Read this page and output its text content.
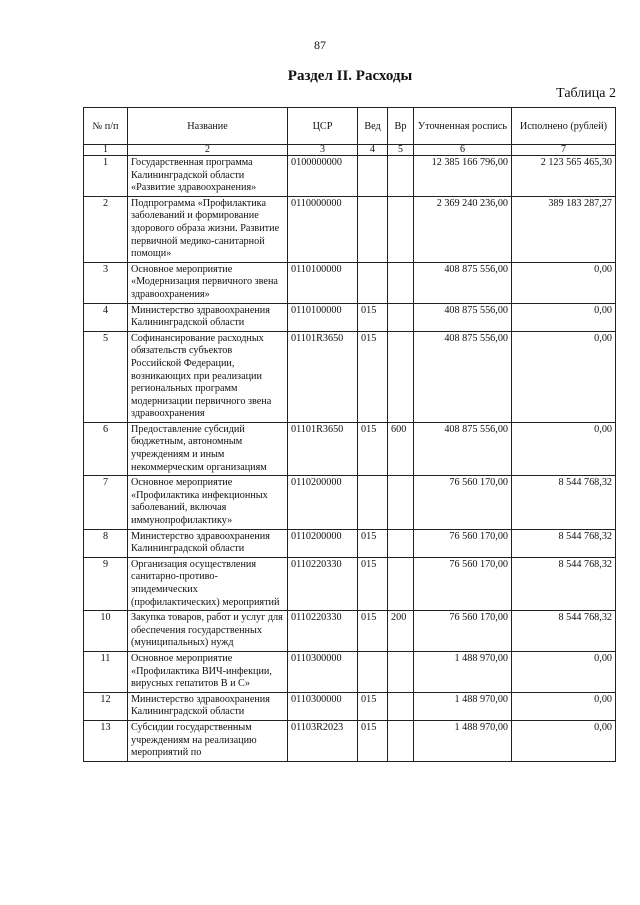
87
Раздел II. Расходы
Таблица 2
№ п/п	Название	ЦСР	Вед	Вр	Уточненная роспись	Исполнено (рублей)
1	2	3	4	5	6	7
1	Государственная программа Калининградской области «Развитие здравоохранения»	0100000000			12 385 166 796,00	2 123 565 465,30
2	Подпрограмма «Профилактика заболеваний и формирование здорового образа жизни. Развитие первичной медико-санитарной помощи»	0110000000			2 369 240 236,00	389 183 287,27
3	Основное мероприятие «Модернизация первичного звена здравоохранения»	0110100000			408 875 556,00	0,00
4	Министерство здравоохранения Калининградской области	0110100000	015		408 875 556,00	0,00
5	Софинансирование расходных обязательств субъектов Российской Федерации, возникающих при реализации региональных программ модернизации первичного звена здравоохранения	01101R3650	015		408 875 556,00	0,00
6	Предоставление субсидий бюджетным, автономным учреждениям и иным некоммерческим организациям	01101R3650	015	600	408 875 556,00	0,00
7	Основное мероприятие «Профилактика инфекционных заболеваний, включая иммунопрофилактику»	0110200000			76 560 170,00	8 544 768,32
8	Министерство здравоохранения Калининградской области	0110200000	015		76 560 170,00	8 544 768,32
9	Организация осуществления санитарно-противо-эпидемических (профилактических) мероприятий	0110220330	015		76 560 170,00	8 544 768,32
10	Закупка товаров, работ и услуг для обеспечения государственных (муниципальных) нужд	0110220330	015	200	76 560 170,00	8 544 768,32
11	Основное мероприятие «Профилактика ВИЧ-инфекции, вирусных гепатитов В и С»	0110300000			1 488 970,00	0,00
12	Министерство здравоохранения Калининградской области	0110300000	015		1 488 970,00	0,00
13	Субсидии государственным учреждениям на реализацию мероприятий по	01103R2023	015		1 488 970,00	0,00
